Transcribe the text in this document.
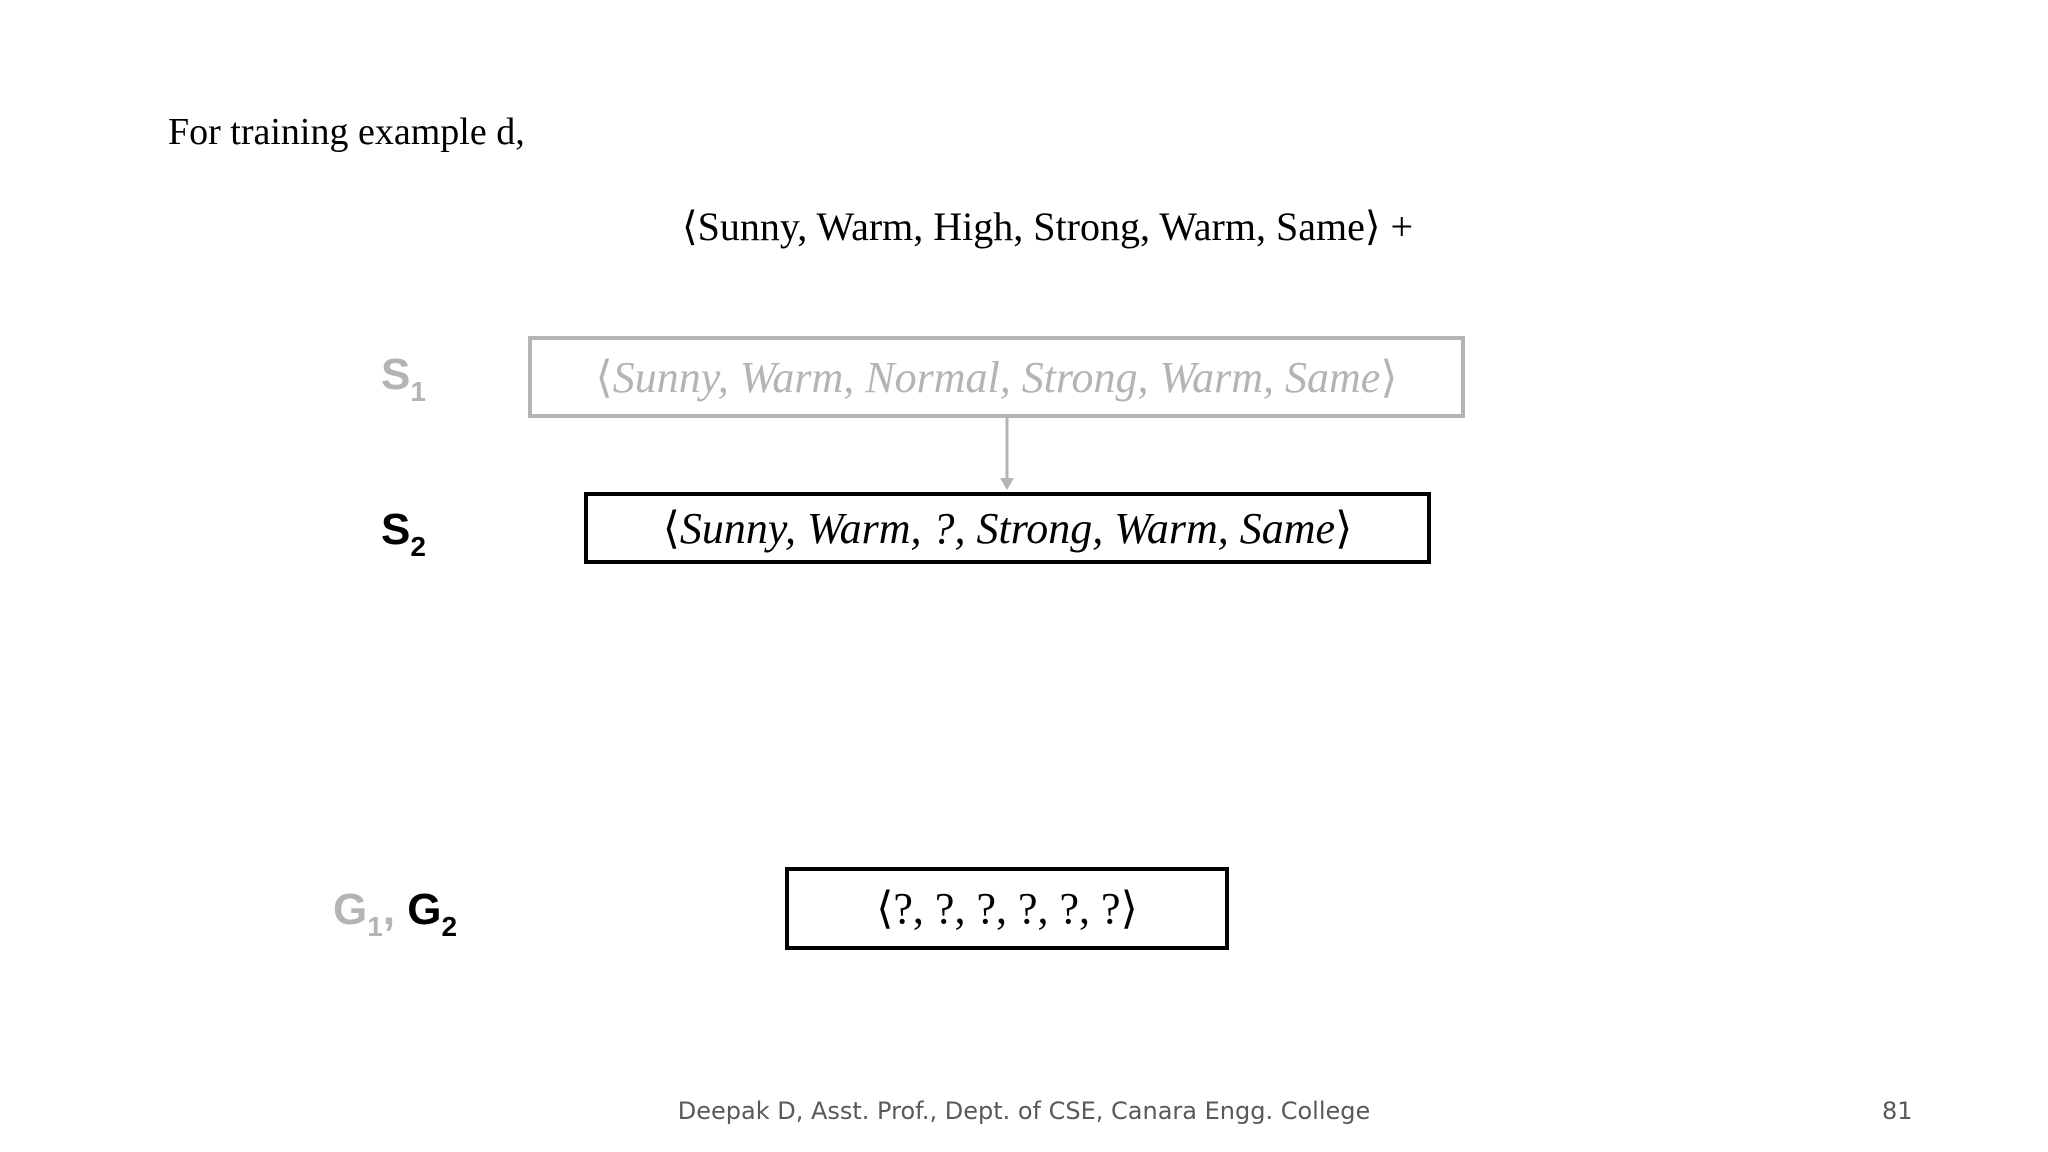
For training example d,
⟨Sunny, Warm, High, Strong, Warm, Same⟩ +
$S_1$	⟨ Sunny, Warm, Normal, Strong, Warm, Same ⟩
$S_2$	⟨ Sunny, Warm, ?, Strong, Warm, Same ⟩
$G_1$, $G_2$	⟨ ?, ?, ?, ?, ?, ? ⟩
Deepak D, Asst. Prof., Dept. of CSE, Canara Engg. College	81
